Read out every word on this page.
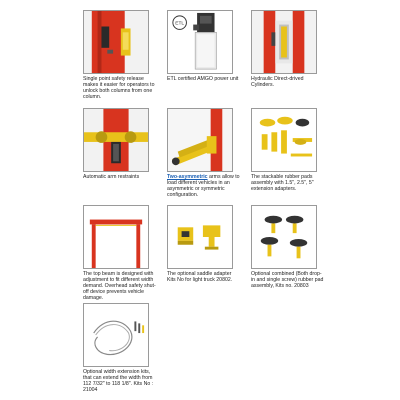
Single point safety release makes it easier for operators to unlock both columns from one column.
ETL
ETL certified AMGO power unit	Hydraulic Direct-drived Cylinders.
Automatic arm restraints	Two-asymmetric arms allow to load different vehicles in an asymmetric or symmetric configuration.
The stackable rubber pads assembly with 1.5", 2.5", 5" extension adapters.
The top beam is designed with adjustment to fit different width demand. Overhead safety shut-off device prevents vehicle damage.
The optional saddle adapter Kits No for light truck 20802.
Optional combined (Both drop-in and single screw) rubber pad assembly, Kits no. 20803
Optional width extension kits, that can extend the width from 112 7/32" to 118 1/8". Kits No : 21004
